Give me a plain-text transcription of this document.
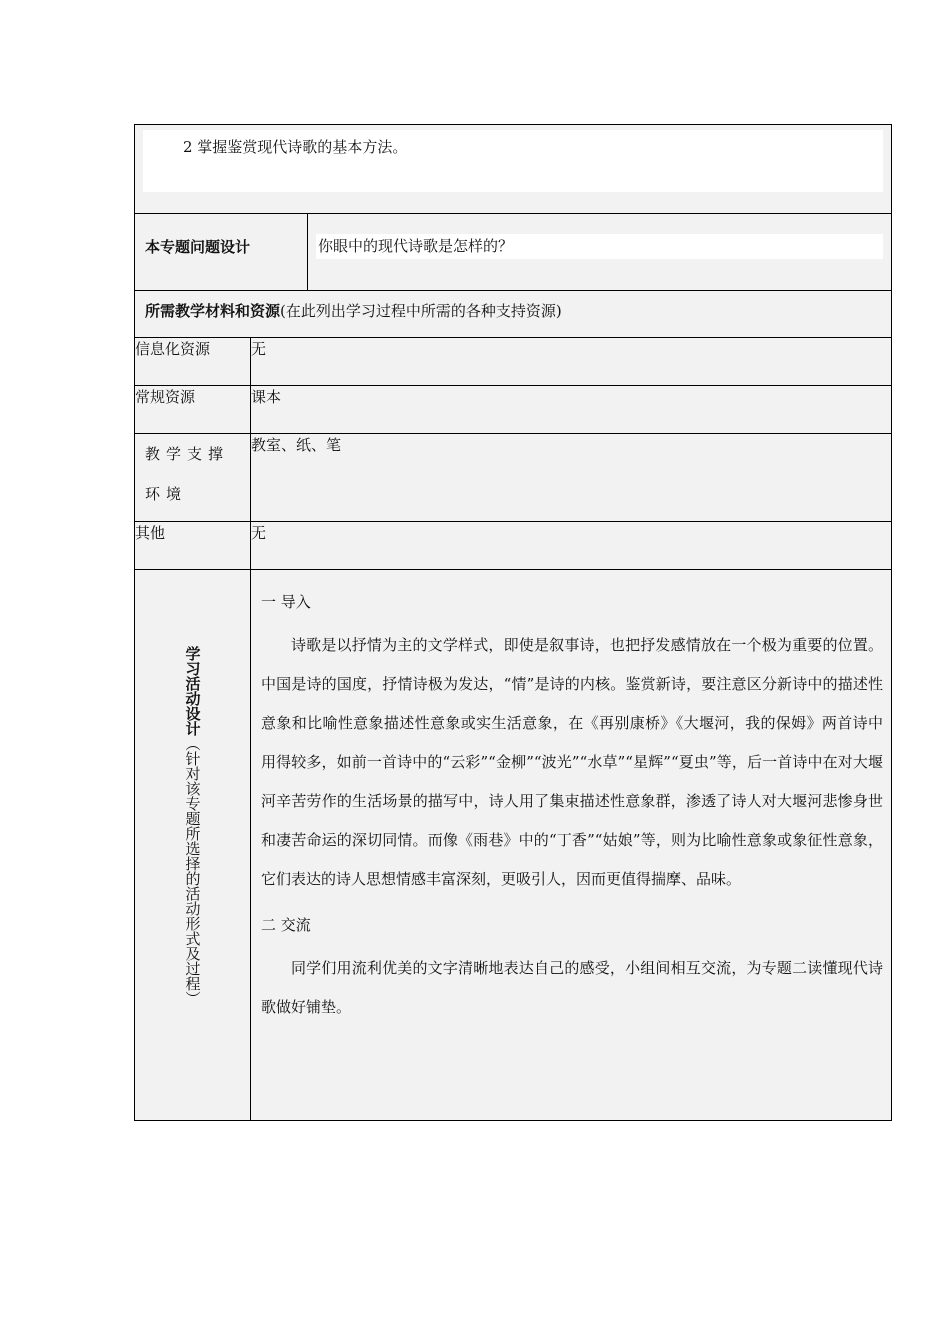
2 掌握鉴赏现代诗歌的基本方法。		

本专题问题设计		你眼中的现代诗歌是怎样的？

所需教学材料和资源(在此列出学习过程中所需的各种支持资源)		

信息化资源	无	
常规资源	课本	
教学支撑环境	教室、纸、笔	
其他	无	

学习活动设计（针对该专题所选择的活动形式及过程）	一 导入

诗歌是以抒情为主的文学样式，即使是叙事诗，也把抒发感情放在一个极为重要的位置。中国是诗的国度，抒情诗极为发达，“情”是诗的内核。鉴赏新诗，要注意区分新诗中的描述性意象和比喻性意象描述性意象或实生活意象，在《再别康桥》《大堰河，我的保姆》两首诗中用得较多，如前一首诗中的“云彩”“金柳”“波光”“水草”“星辉”“夏虫”等，后一首诗中在对大堰河辛苦劳作的生活场景的描写中，诗人用了集束描述性意象群，渗透了诗人对大堰河悲惨身世和凄苦命运的深切同情。而像《雨巷》中的“丁香”“姑娘”等，则为比喻性意象或象征性意象，它们表达的诗人思想情感丰富深刻，更吸引人，因而更值得揣摩、品味。

二 交流

同学们用流利优美的文字清晰地表达自己的感受，小组间相互交流，为专题二读懂现代诗歌做好铺垫。	
